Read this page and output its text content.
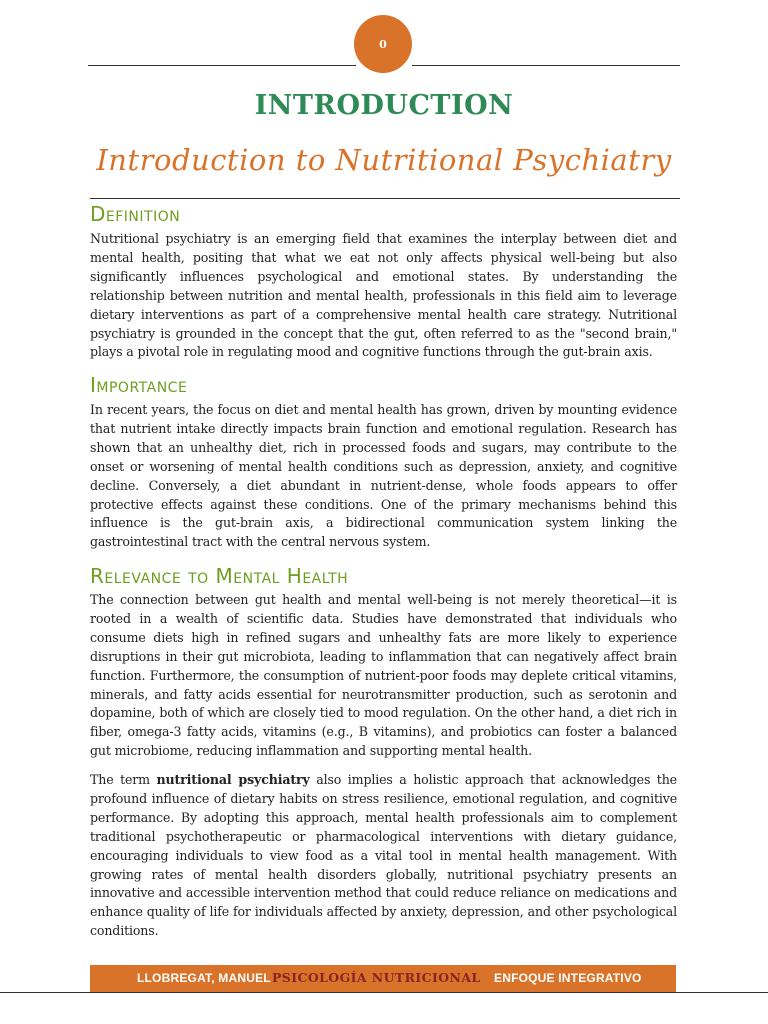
0
INTRODUCTION
Introduction to Nutritional Psychiatry
Definition

Nutritional psychiatry is an emerging field that examines the interplay between diet and mental health, positing that what we eat not only affects physical well-being but also significantly influences psychological and emotional states. By understanding the relationship between nutrition and mental health, professionals in this field aim to leverage dietary interventions as part of a comprehensive mental health care strategy. Nutritional psychiatry is grounded in the concept that the gut, often referred to as the "second brain," plays a pivotal role in regulating mood and cognitive functions through the gut-brain axis.

Importance

In recent years, the focus on diet and mental health has grown, driven by mounting evidence that nutrient intake directly impacts brain function and emotional regulation. Research has shown that an unhealthy diet, rich in processed foods and sugars, may contribute to the onset or worsening of mental health conditions such as depression, anxiety, and cognitive decline. Conversely, a diet abundant in nutrient-dense, whole foods appears to offer protective effects against these conditions. One of the primary mechanisms behind this influence is the gut-brain axis, a bidirectional communication system linking the gastrointestinal tract with the central nervous system.

Relevance to Mental Health

The connection between gut health and mental well-being is not merely theoretical—it is rooted in a wealth of scientific data. Studies have demonstrated that individuals who consume diets high in refined sugars and unhealthy fats are more likely to experience disruptions in their gut microbiota, leading to inflammation that can negatively affect brain function. Furthermore, the consumption of nutrient-poor foods may deplete critical vitamins, minerals, and fatty acids essential for neurotransmitter production, such as serotonin and dopamine, both of which are closely tied to mood regulation. On the other hand, a diet rich in fiber, omega-3 fatty acids, vitamins (e.g., B vitamins), and probiotics can foster a balanced gut microbiome, reducing inflammation and supporting mental health.

The term nutritional psychiatry also implies a holistic approach that acknowledges the profound influence of dietary habits on stress resilience, emotional regulation, and cognitive performance. By adopting this approach, mental health professionals aim to complement traditional psychotherapeutic or pharmacological interventions with dietary guidance, encouraging individuals to view food as a vital tool in mental health management. With growing rates of mental health disorders globally, nutritional psychiatry presents an innovative and accessible intervention method that could reduce reliance on medications and enhance quality of life for individuals affected by anxiety, depression, and other psychological conditions.

LLOBREGAT, MANUEL PSICOLOGÍA NUTRICIONAL ENFOQUE INTEGRATIVO
